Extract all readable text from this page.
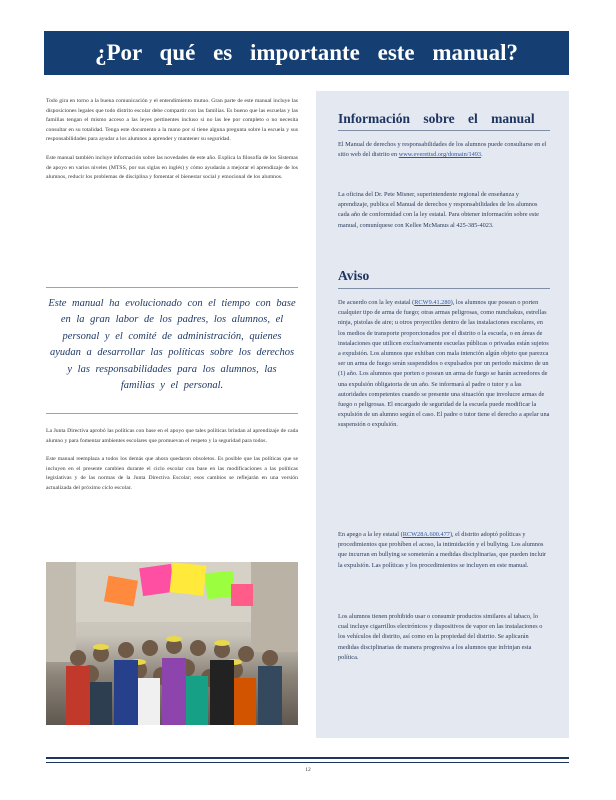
¿Por qué es importante este manual?

Todo gira en torno a la buena comunicación y el entendimiento mutuo. Gran parte de este manual incluye las disposiciones legales que todo distrito escolar debe compartir con las familias. Es bueno que las escuelas y las familias tengan el mismo acceso a las leyes pertinentes incluso si no las lee por completo o no necesita consultar en su totalidad. Tenga este documento a la mano por si tiene alguna pregunta sobre la escuela y sus responsabilidades para ayudar a los alumnos a aprender y mantener su seguridad.

Este manual también incluye información sobre las novedades de este año. Explica la filosofía de los Sistemas de apoyo en varios niveles (MTSS, por sus siglas en inglés) y cómo ayudarán a mejorar el aprendizaje de los alumnos, reducir los problemas de disciplina y fomentar el bienestar social y emocional de los alumnos.

Este manual ha evolucionado con el tiempo con base en la gran labor de los padres, los alumnos, el personal y el comité de administración, quienes ayudan a desarrollar las políticas sobre los derechos y las responsabilidades para los alumnos, las familias y el personal.

La Junta Directiva aprobó las políticas con base en el apoyo que tales políticas brindan al aprendizaje de cada alumno y para fomentar ambientes escolares que promuevan el respeto y la seguridad para todos.

Este manual reemplaza a todos los demás que ahora quedaron obsoletos. Es posible que las políticas que se incluyen en el presente cambien durante el ciclo escolar con base en las modificaciones a las políticas legislativas y de las normas de la Junta Directiva Escolar; esos cambios se reflejarán en una versión actualizada del próximo ciclo escolar.

Información sobre el manual

El Manual de derechos y responsabilidades de los alumnos puede consultarse en el sitio web del distrito en www.everettsd.org/domain/1493.

La oficina del Dr. Pete Misner, superintendente regional de enseñanza y aprendizaje, publica el Manual de derechos y responsabilidades de los alumnos cada año de conformidad con la ley estatal. Para obtener información sobre este manual, comuníquese con Kellee McManus al 425-385-4023.

Aviso

De acuerdo con la ley estatal (RCW9.41.280), los alumnos que posean o porten cualquier tipo de arma de fuego; otras armas peligrosas, como nunchakus, estrellas ninja, pistolas de aire; u otros proyectiles dentro de las instalaciones escolares, en los medios de transporte proporcionados por el distrito o la escuela, o en áreas de instalaciones que utilicen exclusivamente escuelas públicas o privadas están sujetos a expulsión. Los alumnos que exhiban con mala intención algún objeto que parezca ser un arma de fuego serán suspendidos o expulsados por un periodo máximo de un (1) año. Los alumnos que porten o posean un arma de fuego se harán acreedores de una expulsión obligatoria de un año. Se informará al padre o tutor y a las autoridades competentes cuando se presente una situación que involucre armas de fuego o peligrosas. El encargado de seguridad de la escuela puede modificar la expulsión de un alumno según el caso. El padre o tutor tiene el derecho a apelar una suspensión o expulsión.

En apego a la ley estatal (RCW28A.600.477), el distrito adoptó políticas y procedimientos que prohíben el acoso, la intimidación y el bullying. Los alumnos que incurran en bullying se someterán a medidas disciplinarias, que pueden incluir la expulsión. Las políticas y los procedimientos se incluyen en este manual.

Los alumnos tienen prohibido usar o consumir productos similares al tabaco, lo cual incluye cigarrillos electrónicos y dispositivos de vapor en las instalaciones o los vehículos del distrito, así como en la propiedad del distrito. Se aplicarán medidas disciplinarias de manera progresiva a los alumnos que infrinjan esta política.

12
